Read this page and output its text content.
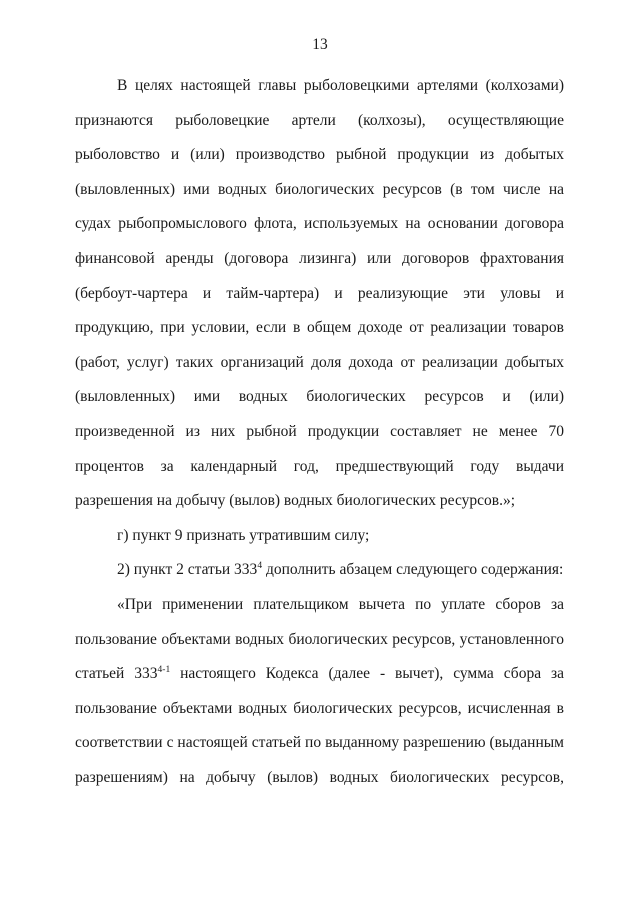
13

В целях настоящей главы рыболовецкими артелями (колхозами) признаются рыболовецкие артели (колхозы), осуществляющие рыболовство и (или) производство рыбной продукции из добытых (выловленных) ими водных биологических ресурсов (в том числе на судах рыбопромыслового флота, используемых на основании договора финансовой аренды (договора лизинга) или договоров фрахтования (бербоут-чартера и тайм-чартера) и реализующие эти уловы и продукцию, при условии, если в общем доходе от реализации товаров (работ, услуг) таких организаций доля дохода от реализации добытых (выловленных) ими водных биологических ресурсов и (или) произведенной из них рыбной продукции составляет не менее 70 процентов за календарный год, предшествующий году выдачи разрешения на добычу (вылов) водных биологических ресурсов.»;

г) пункт 9 признать утратившим силу;

2) пункт 2 статьи $333^4$ дополнить абзацем следующего содержания:

«При применении плательщиком вычета по уплате сборов за пользование объектами водных биологических ресурсов, установленного статьей 333$^{4-1}$ настоящего Кодекса (далее - вычет), сумма сбора за пользование объектами водных биологических ресурсов, исчисленная в соответствии с настоящей статьей по выданному разрешению (выданным разрешениям) на добычу (вылов) водных биологических ресурсов,
